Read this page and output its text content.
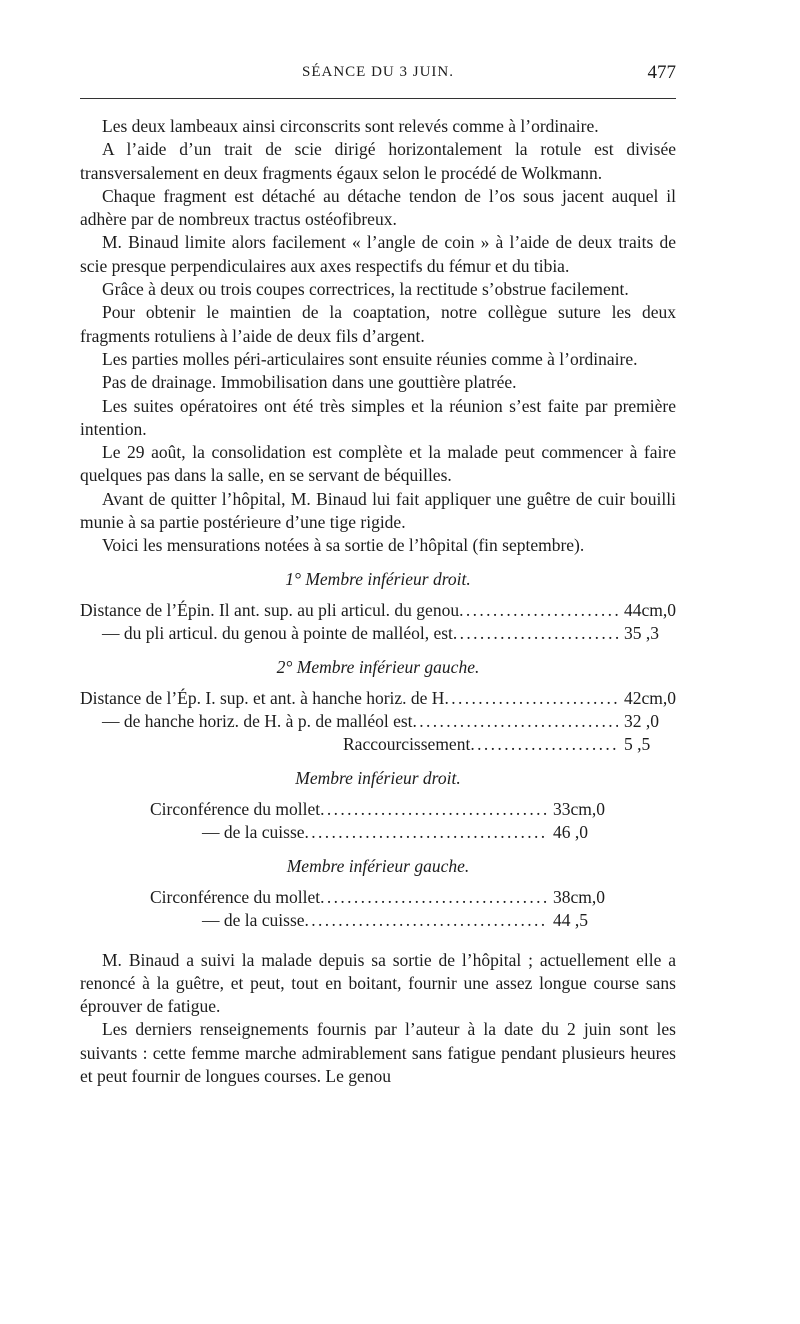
SÉANCE DU 3 JUIN.	477

Les deux lambeaux ainsi circonscrits sont relevés comme à l’ordinaire.

A l’aide d’un trait de scie dirigé horizontalement la rotule est divisée transversalement en deux fragments égaux selon le procédé de Wolkmann.

Chaque fragment est détaché au détache tendon de l’os sous jacent auquel il adhère par de nombreux tractus ostéofibreux.

M. Binaud limite alors facilement « l’angle de coin » à l’aide de deux traits de scie presque perpendiculaires aux axes respectifs du fémur et du tibia.

Grâce à deux ou trois coupes correctrices, la rectitude s’obstrue facilement.

Pour obtenir le maintien de la coaptation, notre collègue suture les deux fragments rotuliens à l’aide de deux fils d’argent.

Les parties molles péri-articulaires sont ensuite réunies comme à l’ordinaire.

Pas de drainage. Immobilisation dans une gouttière platrée.

Les suites opératoires ont été très simples et la réunion s’est faite par première intention.

Le 29 août, la consolidation est complète et la malade peut commencer à faire quelques pas dans la salle, en se servant de béquilles.

Avant de quitter l’hôpital, M. Binaud lui fait appliquer une guêtre de cuir bouilli munie à sa partie postérieure d’une tige rigide.

Voici les mensurations notées à sa sortie de l’hôpital (fin septembre).

1° Membre inférieur droit.
Distance de l’Épin. Il ant. sup. au pli articul. du genou . . .	44cm,0
— du pli articul. du genou à pointe de malléol, est . . .	35 ,3
2° Membre inférieur gauche.
Distance de l’Ép. I. sup. et ant. à hanche horiz. de H . . .	42cm,0
— de hanche horiz. de H. à p. de malléol est . . .	32 ,0
Raccourcissement . . .	5 ,5
Membre inférieur droit.
Circonférence du mollet . . .	33cm,0
— de la cuisse . . .	46 ,0
Membre inférieur gauche.
Circonférence du mollet . . .	38cm,0
— de la cuisse . . .	44 ,5

M. Binaud a suivi la malade depuis sa sortie de l’hôpital ; actuellement elle a renoncé à la guêtre, et peut, tout en boitant, fournir une assez longue course sans éprouver de fatigue.

Les derniers renseignements fournis par l’auteur à la date du 2 juin sont les suivants : cette femme marche admirablement sans fatigue pendant plusieurs heures et peut fournir de longues courses. Le genou
